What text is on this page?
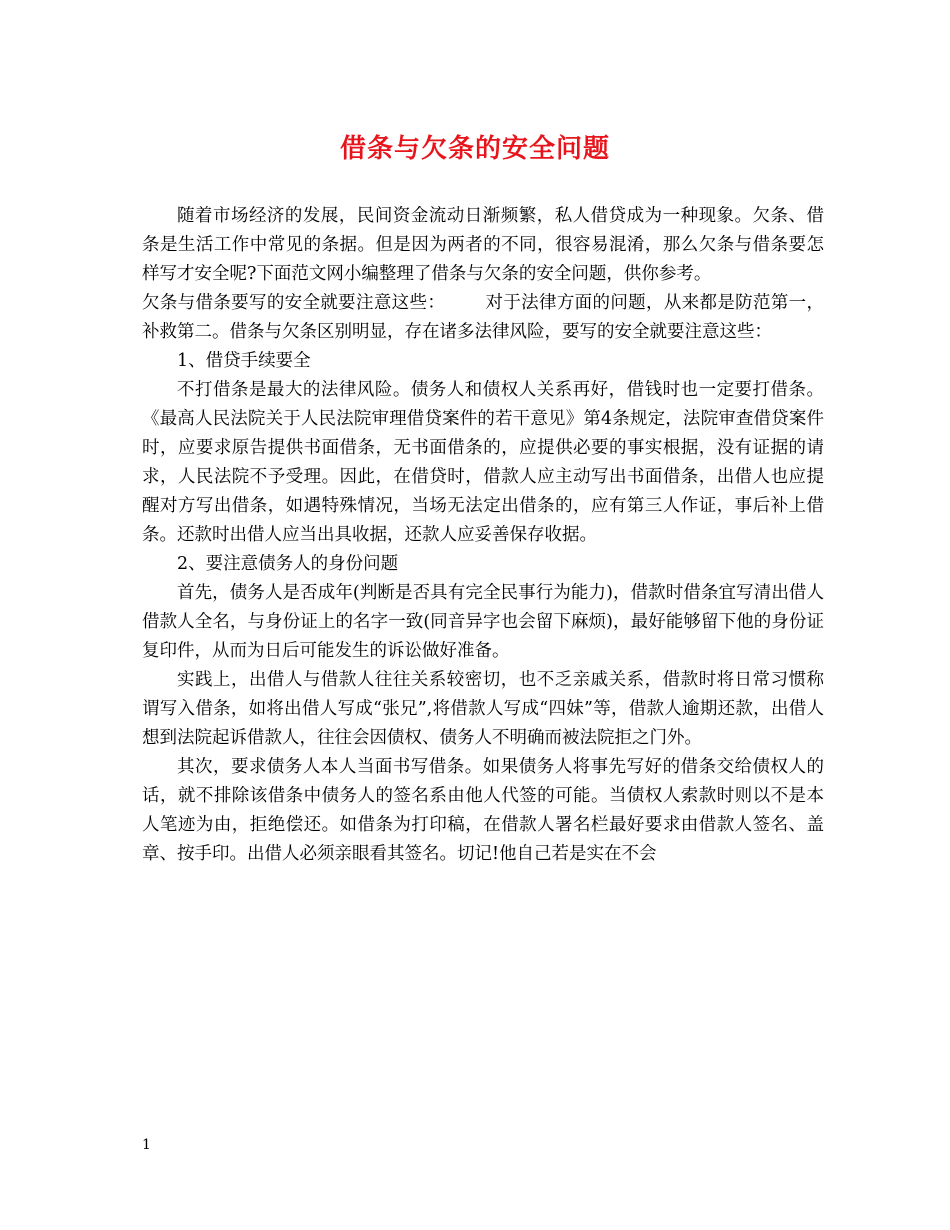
借条与欠条的安全问题

随着市场经济的发展，民间资金流动日渐频繁，私人借贷成为一种现象。欠条、借条是生活工作中常见的条据。但是因为两者的不同，很容易混淆，那么欠条与借条要怎样写才安全呢?下面范文网小编整理了借条与欠条的安全问题，供你参考。

欠条与借条要写的安全就要注意这些： 对于法律方面的问题，从来都是防范第一，补救第二。借条与欠条区别明显，存在诸多法律风险，要写的安全就要注意这些：

1、借贷手续要全

不打借条是最大的法律风险。债务人和债权人关系再好，借钱时也一定要打借条。《最高人民法院关于人民法院审理借贷案件的若干意见》第4条规定，法院审查借贷案件时，应要求原告提供书面借条，无书面借条的，应提供必要的事实根据，没有证据的请求，人民法院不予受理。因此，在借贷时，借款人应主动写出书面借条，出借人也应提醒对方写出借条，如遇特殊情况，当场无法定出借条的，应有第三人作证，事后补上借条。还款时出借人应当出具收据，还款人应妥善保存收据。

2、要注意债务人的身份问题

首先，债务人是否成年(判断是否具有完全民事行为能力)，借款时借条宜写清出借人借款人全名，与身份证上的名字一致(同音异字也会留下麻烦)，最好能够留下他的身份证复印件，从而为日后可能发生的诉讼做好准备。

实践上，出借人与借款人往往关系较密切，也不乏亲戚关系，借款时将日常习惯称谓写入借条，如将出借人写成“张兄”,将借款人写成“四妹”等，借款人逾期还款，出借人想到法院起诉借款人，往往会因债权、债务人不明确而被法院拒之门外。

其次，要求债务人本人当面书写借条。如果债务人将事先写好的借条交给债权人的话，就不排除该借条中债务人的签名系由他人代签的可能。当债权人索款时则以不是本人笔迹为由，拒绝偿还。如借条为打印稿，在借款人署名栏最好要求由借款人签名、盖章、按手印。出借人必须亲眼看其签名。切记!他自己若是实在不会

1
